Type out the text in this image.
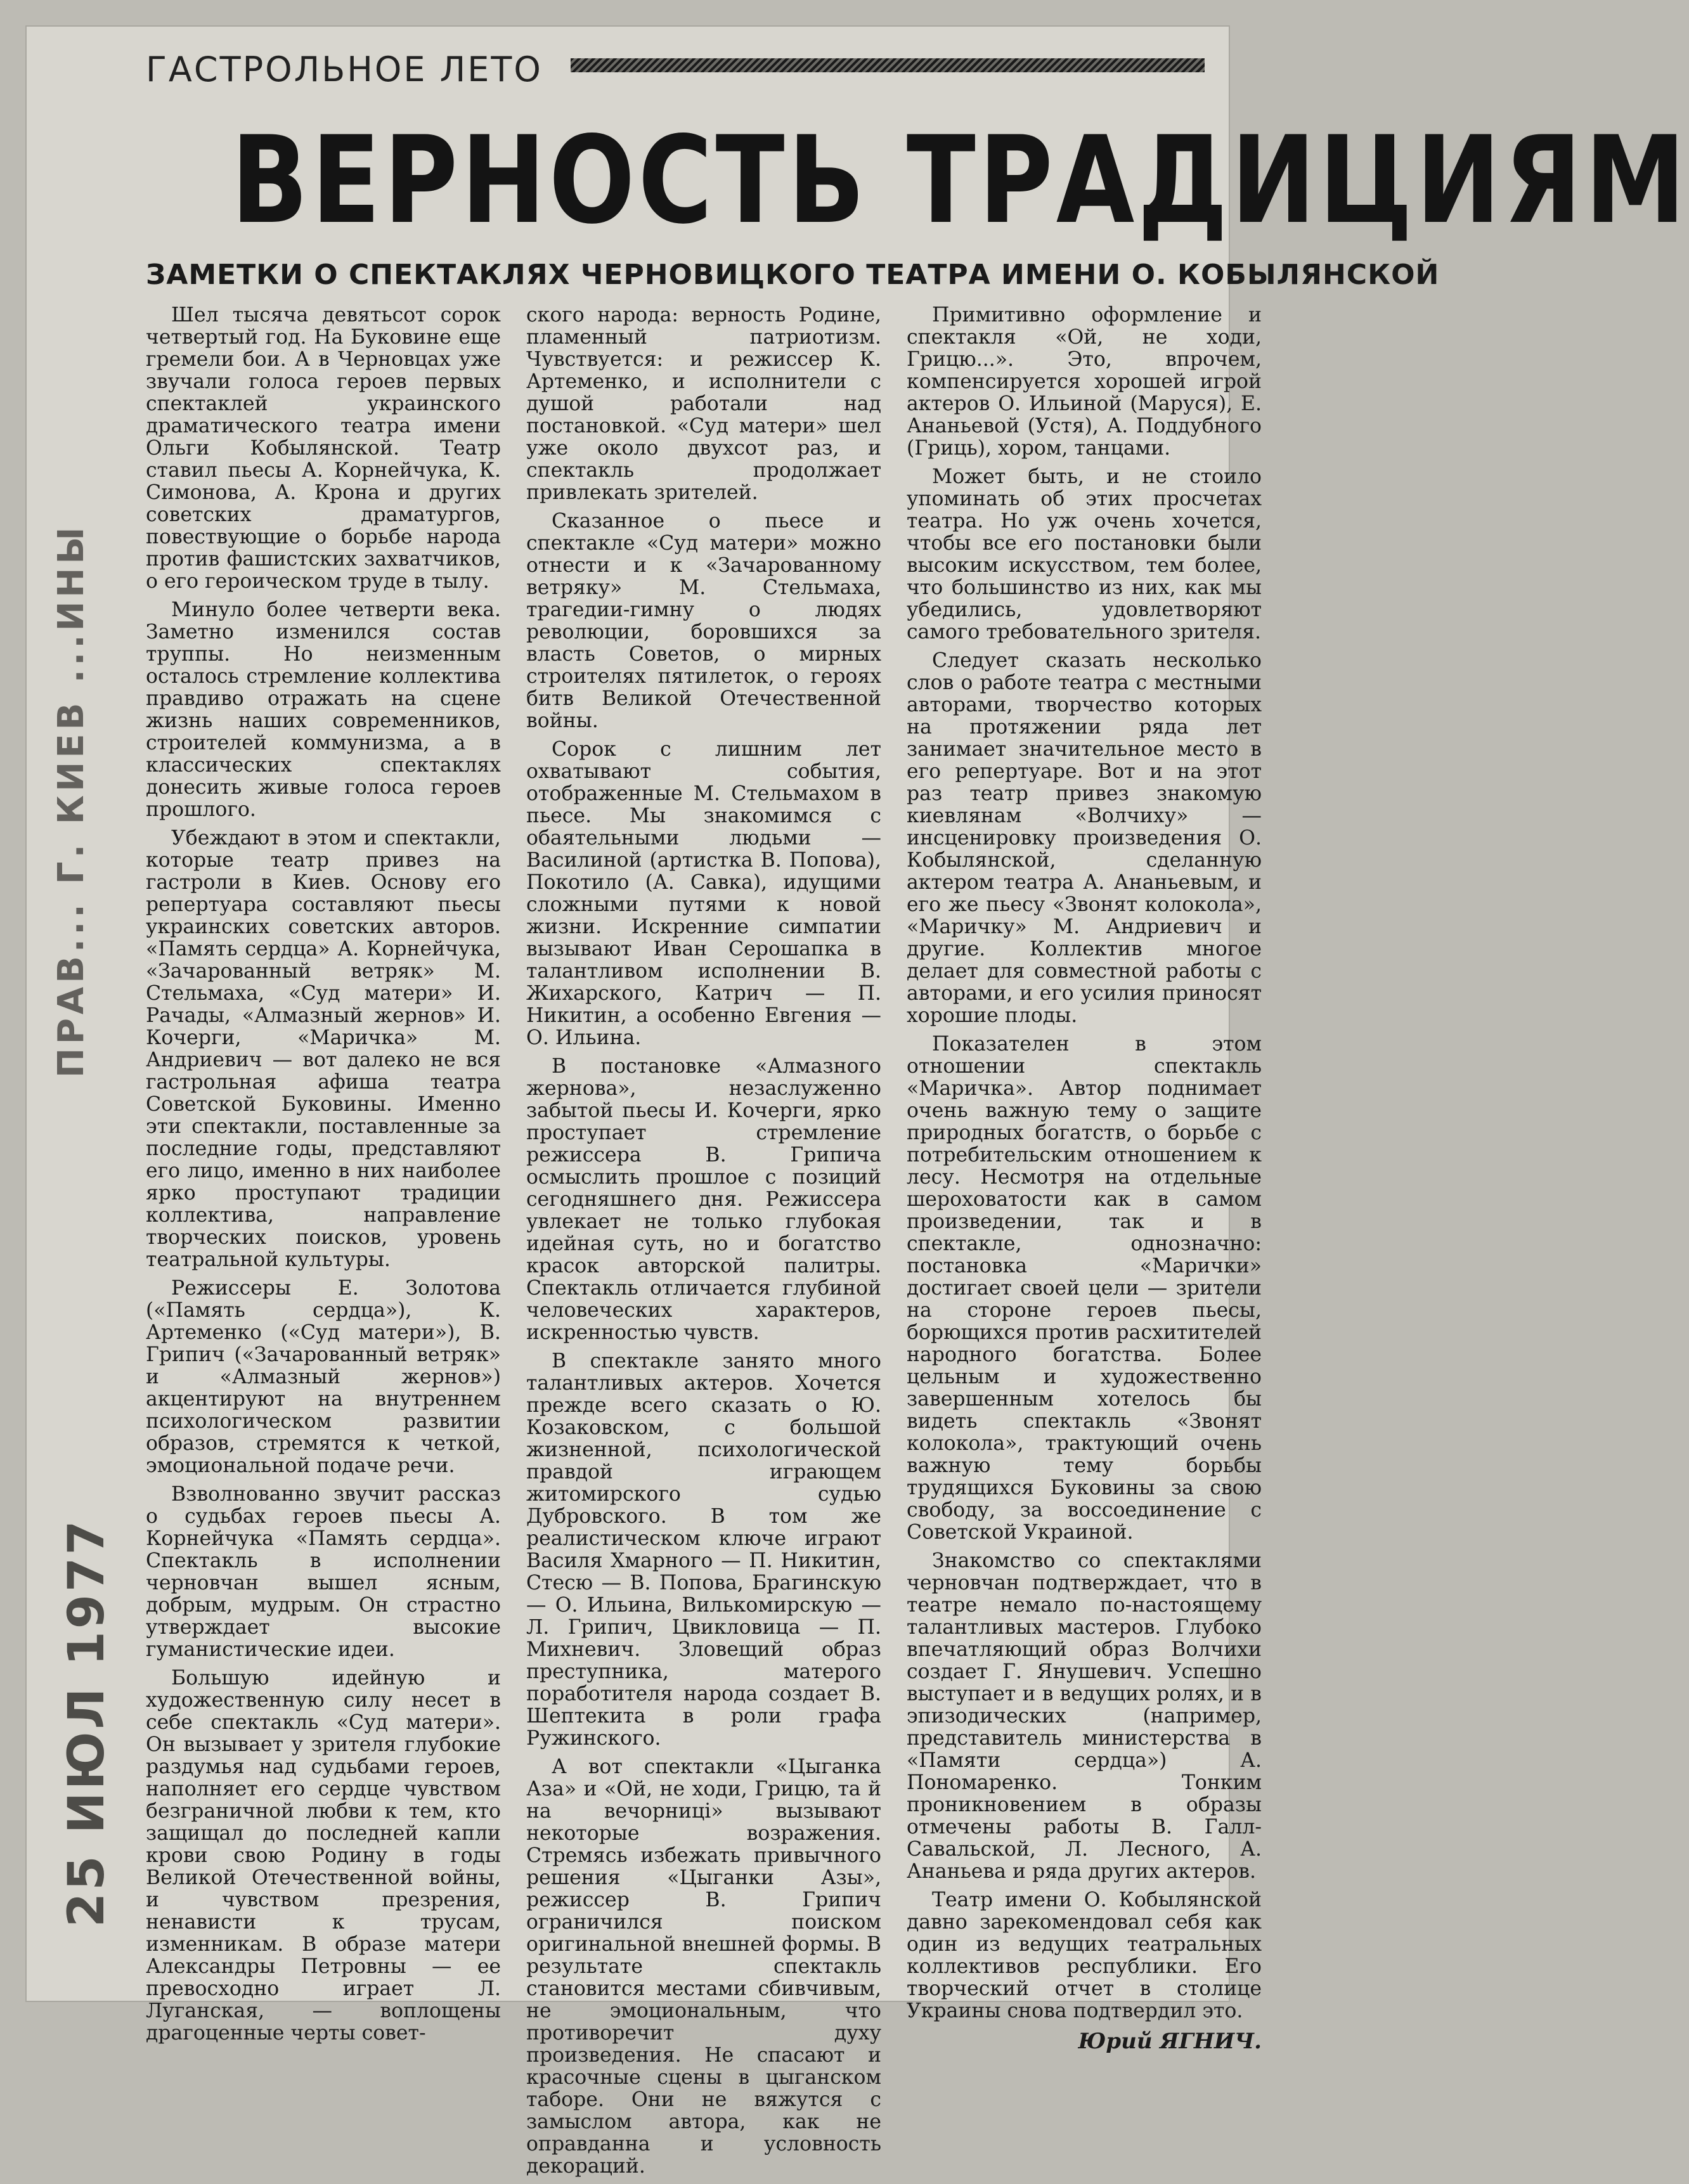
ГАСТРОЛЬНОЕ ЛЕТО
ВЕРНОСТЬ ТРАДИЦИЯМ
ЗАМЕТКИ О СПЕКТАКЛЯХ ЧЕРНОВИЦКОГО ТЕАТРА ИМЕНИ О. КОБЫЛЯНСКОЙ
ПРАВ... Г. КИЕВ ...ИНЫ
25 ИЮЛ 1977

Шел тысяча девятьсот сорок четвертый год. На Буковине еще гремели бои. А в Черновцах уже звучали голоса героев первых спектаклей украинского драматического театра имени Ольги Кобылянской. Театр ставил пьесы А. Корнейчука, К. Симонова, А. Крона и других советских драматургов, повествующие о борьбе народа против фашистских захватчиков, о его героическом труде в тылу.

Минуло более четверти века. Заметно изменился состав труппы. Но неизменным осталось стремление коллектива правдиво отражать на сцене жизнь наших современников, строителей коммунизма, а в классических спектаклях донесить живые голоса героев прошлого.

Убеждают в этом и спектакли, которые театр привез на гастроли в Киев. Основу его репертуара составляют пьесы украинских советских авторов. «Память сердца» А. Корнейчука, «Зачарованный ветряк» М. Стельмаха, «Суд матери» И. Рачады, «Алмазный жернов» И. Кочерги, «Маричка» М. Андриевич — вот далеко не вся гастрольная афиша театра Советской Буковины. Именно эти спектакли, поставленные за последние годы, представляют его лицо, именно в них наиболее ярко проступают традиции коллектива, направление творческих поисков, уровень театральной культуры.

Режиссеры Е. Золотова («Память сердца»), К. Артеменко («Суд матери»), В. Грипич («Зачарованный ветряк» и «Алмазный жернов») акцентируют на внутреннем психологическом развитии образов, стремятся к четкой, эмоциональной подаче речи.

Взволнованно звучит рассказ о судьбах героев пьесы А. Корнейчука «Память сердца». Спектакль в исполнении черновчан вышел ясным, добрым, мудрым. Он страстно утверждает высокие гуманистические идеи.

Большую идейную и художественную силу несет в себе спектакль «Суд матери». Он вызывает у зрителя глубокие раздумья над судьбами героев, наполняет его сердце чувством безграничной любви к тем, кто защищал до последней капли крови свою Родину в годы Великой Отечественной войны, и чувством презрения, ненависти к трусам, изменникам. В образе матери Александры Петровны — ее превосходно играет Л. Луганская, — воплощены драгоценные черты совет-

ского народа: верность Родине, пламенный патриотизм. Чувствуется: и режиссер К. Артеменко, и исполнители с душой работали над постановкой. «Суд матери» шел уже около двухсот раз, и спектакль продолжает привлекать зрителей.

Сказанное о пьесе и спектакле «Суд матери» можно отнести и к «Зачарованному ветряку» М. Стельмаха, трагедии-гимну о людях революции, боровшихся за власть Советов, о мирных строителях пятилеток, о героях битв Великой Отечественной войны.

Сорок с лишним лет охватывают события, отображенные М. Стельмахом в пьесе. Мы знакомимся с обаятельными людьми — Василиной (артистка В. Попова), Покотило (А. Савка), идущими сложными путями к новой жизни. Искренние симпатии вызывают Иван Серошапка в талантливом исполнении В. Жихарского, Катрич — П. Никитин, а особенно Евгения — О. Ильина.

В постановке «Алмазного жернова», незаслуженно забытой пьесы И. Кочерги, ярко проступает стремление режиссера В. Грипича осмыслить прошлое с позиций сегодняшнего дня. Режиссера увлекает не только глубокая идейная суть, но и богатство красок авторской палитры. Спектакль отличается глубиной человеческих характеров, искренностью чувств.

В спектакле занято много талантливых актеров. Хочется прежде всего сказать о Ю. Козаковском, с большой жизненной, психологической правдой играющем житомирского судью Дубровского. В том же реалистическом ключе играют Василя Хмарного — П. Никитин, Стесю — В. Попова, Брагинскую — О. Ильина, Вилькомирскую — Л. Грипич, Цвикловица — П. Михневич. Зловещий образ преступника, матерого поработителя народа создает В. Шептекита в роли графа Ружинского.

А вот спектакли «Цыганка Аза» и «Ой, не ходи, Грицю, та й на вечорниці» вызывают некоторые возражения. Стремясь избежать привычного решения «Цыганки Азы», режиссер В. Грипич ограничился поиском оригинальной внешней формы. В результате спектакль становится местами сбивчивым, не эмоциональным, что противоречит духу произведения. Не спасают и красочные сцены в цыганском таборе. Они не вяжутся с замыслом автора, как не оправданна и условность декораций.

Примитивно оформление и спектакля «Ой, не ходи, Грицю...». Это, впрочем, компенсируется хорошей игрой актеров О. Ильиной (Маруся), Е. Ананьевой (Устя), А. Поддубного (Гриць), хором, танцами.

Может быть, и не стоило упоминать об этих просчетах театра. Но уж очень хочется, чтобы все его постановки были высоким искусством, тем более, что большинство из них, как мы убедились, удовлетворяют самого требовательного зрителя.

Следует сказать несколько слов о работе театра с местными авторами, творчество которых на протяжении ряда лет занимает значительное место в его репертуаре. Вот и на этот раз театр привез знакомую киевлянам «Волчиху» — инсценировку произведения О. Кобылянской, сделанную актером театра А. Ананьевым, и его же пьесу «Звонят колокола», «Маричку» М. Андриевич и другие. Коллектив многое делает для совместной работы с авторами, и его усилия приносят хорошие плоды.

Показателен в этом отношении спектакль «Маричка». Автор поднимает очень важную тему о защите природных богатств, о борьбе с потребительским отношением к лесу. Несмотря на отдельные шероховатости как в самом произведении, так и в спектакле, однозначно: постановка «Марички» достигает своей цели — зрители на стороне героев пьесы, борющихся против расхитителей народного богатства. Более цельным и художественно завершенным хотелось бы видеть спектакль «Звонят колокола», трактующий очень важную тему борьбы трудящихся Буковины за свою свободу, за воссоединение с Советской Украиной.

Знакомство со спектаклями черновчан подтверждает, что в театре немало по-настоящему талантливых мастеров. Глубоко впечатляющий образ Волчихи создает Г. Янушевич. Успешно выступает и в ведущих ролях, и в эпизодических (например, представитель министерства в «Памяти сердца») А. Пономаренко. Тонким проникновением в образы отмечены работы В. Галл-Савальской, Л. Лесного, А. Ананьева и ряда других актеров.

Театр имени О. Кобылянской давно зарекомендовал себя как один из ведущих театральных коллективов республики. Его творческий отчет в столице Украины снова подтвердил это.

Юрий ЯГНИЧ.
